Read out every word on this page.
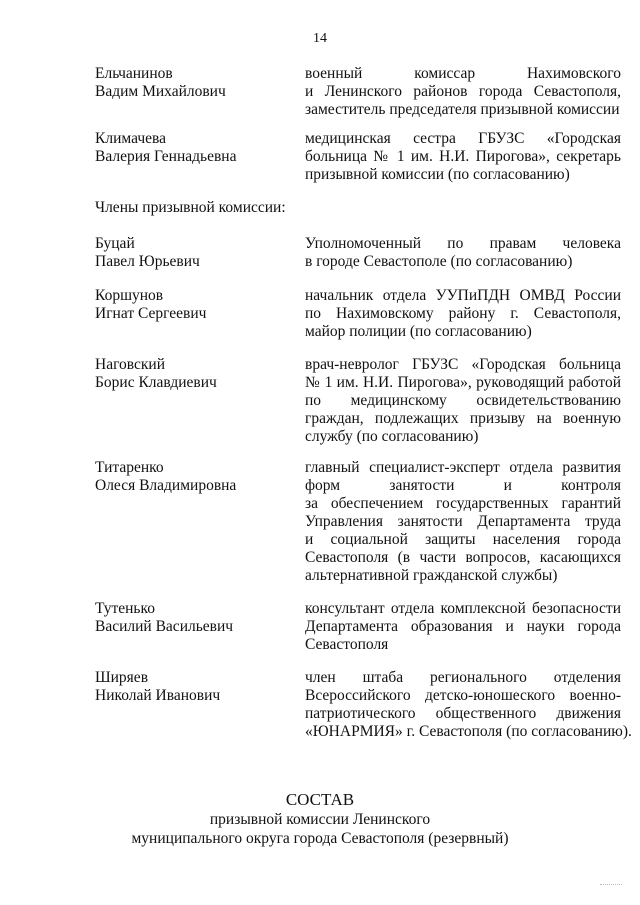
14
Ельчанинов
Вадим Михайлович
военный комиссар Нахимовского
и Ленинского районов города Севастополя,
заместитель председателя призывной комиссии
Климачева
Валерия Геннадьевна
медицинская сестра ГБУЗС «Городская
больница № 1 им. Н.И. Пирогова», секретарь
призывной комиссии (по согласованию)
Члены призывной комиссии:
Буцай
Павел Юрьевич
Уполномоченный по правам человека
в городе Севастополе (по согласованию)
Коршунов
Игнат Сергеевич
начальник отдела УУПиПДН ОМВД России
по Нахимовскому району г. Севастополя,
майор полиции (по согласованию)
Наговский
Борис Клавдиевич
врач-невролог ГБУЗС «Городская больница
№ 1 им. Н.И. Пирогова», руководящий работой
по медицинскому освидетельствованию
граждан, подлежащих призыву на военную
службу (по согласованию)
Титаренко
Олеся Владимировна
главный специалист-эксперт отдела развития
форм занятости и контроля
за обеспечением государственных гарантий
Управления занятости Департамента труда
и социальной защиты населения города
Севастополя (в части вопросов, касающихся
альтернативной гражданской службы)
Тутенько
Василий Васильевич
консультант отдела комплексной безопасности
Департамента образования и науки города
Севастополя
Ширяев
Николай Иванович
член штаба регионального отделения
Всероссийского детско-юношеского военно-
патриотического общественного движения
«ЮНАРМИЯ» г. Севастополя (по согласованию).
СОСТАВ
призывной комиссии Ленинского
муниципального округа города Севастополя (резервный)
